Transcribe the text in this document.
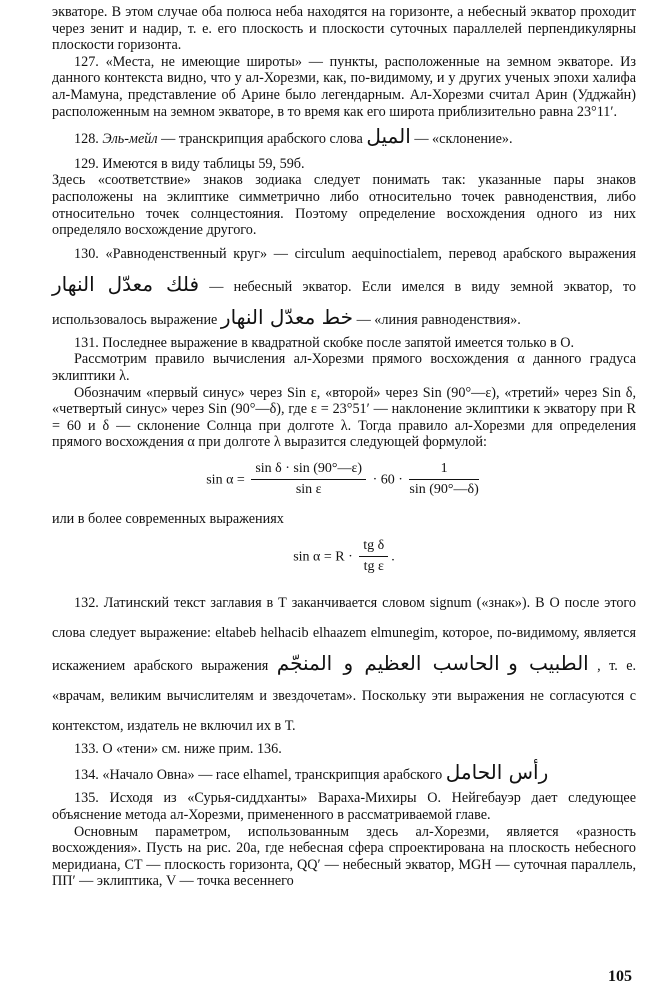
экваторе. В этом случае оба полюса неба находятся на горизонте, а небесный экватор проходит через зенит и надир, т. е. его плоскость и плоскости суточных параллелей перпендикулярны плоскости горизонта.

127. «Места, не имеющие широты» — пункты, расположенные на земном экваторе. Из данного контекста видно, что у ал-Хорезми, как, по-видимому, и у других ученых эпохи халифа ал-Мамуна, представление об Арине было легендарным. Ал-Хорезми считал Арин (Удджайн) расположенным на земном экваторе, в то время как его широта приблизительно равна 23°11′.

128. Эль-мейл — транскрипция арабского слова الميل — «склонение».

129. Имеются в виду таблицы 59, 59б.

Здесь «соответствие» знаков зодиака следует понимать так: указанные пары знаков расположены на эклиптике симметрично либо относительно точек равноденствия, либо относительно точек солнцестояния. Поэтому определение восхождения одного из них определяло восхождение другого.

130. «Равноденственный круг» — circulum aequinoctialem, перевод арабского выражения فلك معدّل النهار — небесный экватор. Если имелся в виду земной экватор, то использовалось выражение خط معدّل النهار — «линия равноденствия».

131. Последнее выражение в квадратной скобке после запятой имеется только в О.

Рассмотрим правило вычисления ал-Хорезми прямого восхождения α данного градуса эклиптики λ.

Обозначим «первый синус» через Sin ε, «второй» через Sin (90°—ε), «третий» через Sin δ, «четвертый синус» через Sin (90°—δ), где ε = 23°51′ — наклонение эклиптики к экватору при R = 60 и δ — склонение Солнца при долготе λ. Тогда правило ал-Хорезми для определения прямого восхождения α при долготе λ выразится следующей формулой:

$\sin \alpha = \frac{\text{sin δ · sin (90°—ε)}}{\text{sin ε}} \cdot 60 \cdot \frac{1}{\sin (90^\circ—\delta)}$

или в более современных выражениях

$\sin \alpha = R \cdot \frac{\text{tg δ}}{\text{tg ε}}$ .

132. Латинский текст заглавия в Т заканчивается словом signum («знак»). В О после этого слова следует выражение: eltabeb helhacib elhaazem elmunegim, которое, по-видимому, является искажением арабского выражения	الطبيب و الحاسب العظيم و المنجّم	, т. е. «врачам, великим вычислителям и звездочетам». Поскольку эти выражения не согласуются с контекстом, издатель не включил их в Т.

133. О «тени» см. ниже прим. 136.

134. «Начало Овна» — race elhamel, транскрипция арабского رأس الحامل

135. Исходя из «Сурья-сиддханты» Вараха-Михиры О. Нейгебауэр дает следующее объяснение метода ал-Хорезми, примененного в рассматриваемой главе.

Основным параметром, использованным здесь ал-Хорезми, является «разность восхождения». Пусть на рис. 20а, где небесная сфера спроектирована на плоскость небесного меридиана, CT — плоскость горизонта, QQ′ — небесный экватор, MGH — суточная параллель, ПП′ — эклиптика, V — точка весеннего

105
